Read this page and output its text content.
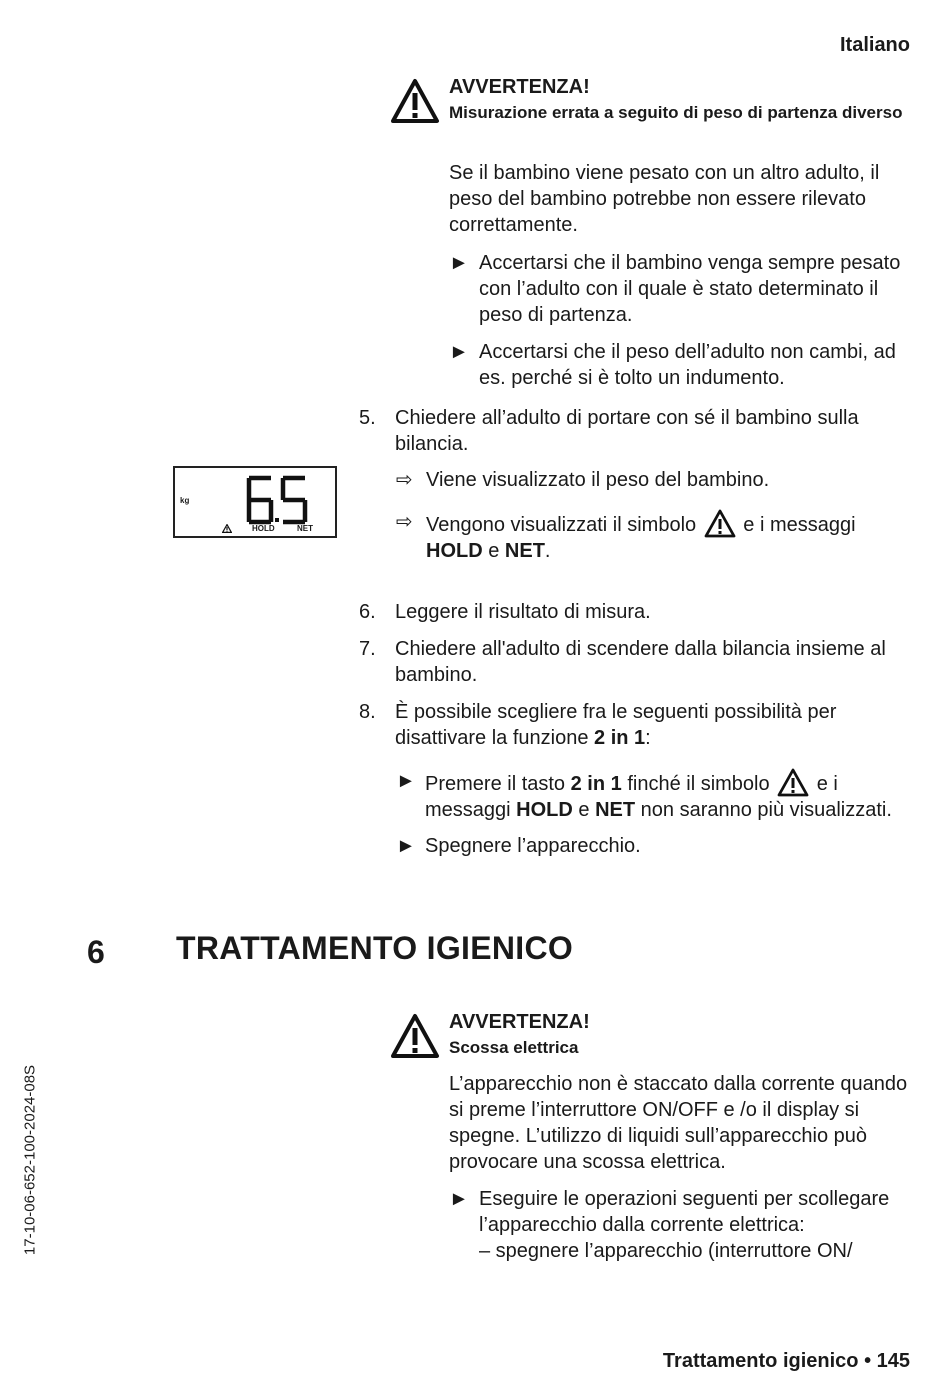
Italiano
AVVERTENZA!
Misurazione errata a seguito di peso di partenza diverso
Se il bambino viene pesato con un altro adulto, il peso del bambino potrebbe non essere rilevato correttamente.
► Accertarsi che il bambino venga sempre pesato con l’adulto con il quale è stato determinato il peso di partenza.
► Accertarsi che il peso dell’adulto non cambi, ad es. perché si è tolto un indumento.
5. Chiedere all’adulto di portare con sé il bambino sulla bilancia.
kg
HOLD	NET
⇨ Viene visualizzato il peso del bambino.
⇨ Vengono visualizzati il simbolo e i messaggi
HOLD e NET.
6. Leggere il risultato di misura.
7. Chiedere all'adulto di scendere dalla bilancia insieme al bambino.
8. È possibile scegliere fra le seguenti possibilità per disattivare la funzione 2 in 1:
► Premere il tasto 2 in 1 finché il simbolo e i messaggi HOLD e NET non saranno più visualizzati.
► Spegnere l’apparecchio.
6 TRATTAMENTO IGIENICO
AVVERTENZA!
Scossa elettrica
L’apparecchio non è staccato dalla corrente quando si preme l’interruttore ON/OFF e /o il display si spegne. L’utilizzo di liquidi sull’apparecchio può provocare una scossa elettrica.
► Eseguire le operazioni seguenti per scollegare l’apparecchio dalla corrente elettrica:
– spegnere l’apparecchio (interruttore ON/
17-10-06-652-100-2024-08S
Trattamento igienico • 145
